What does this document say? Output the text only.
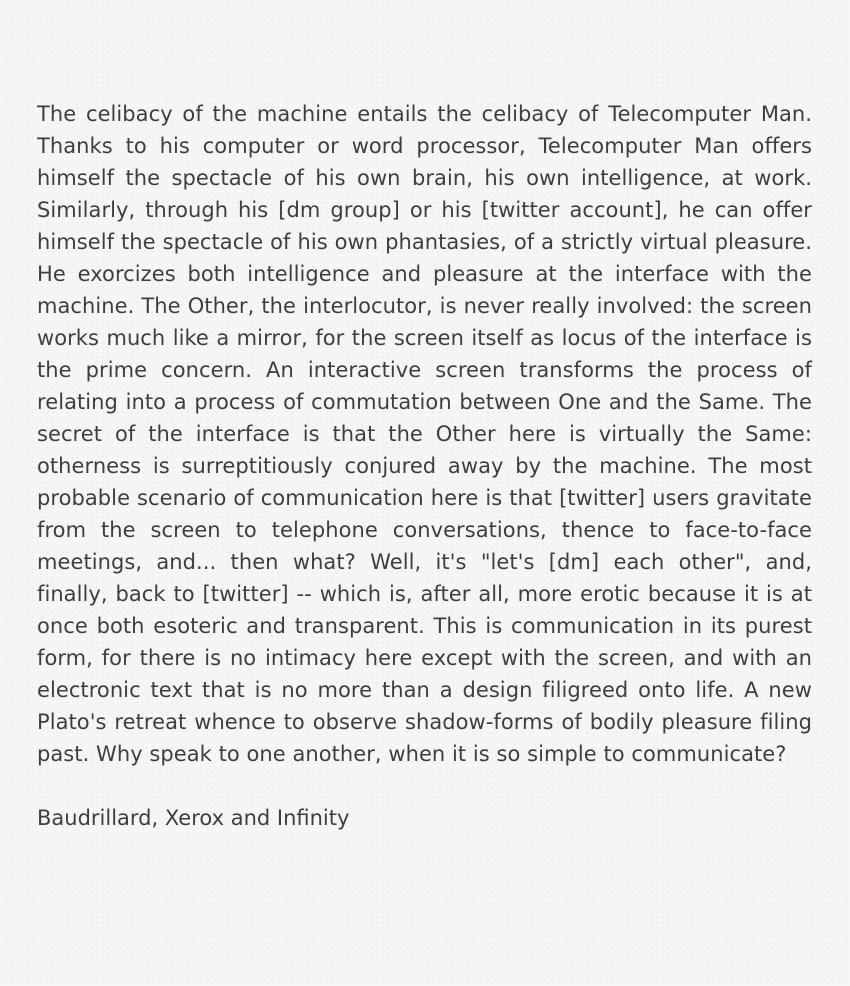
The celibacy of the machine entails the celibacy of Telecomputer Man. Thanks to his computer or word processor, Telecomputer Man offers himself the spectacle of his own brain, his own intelligence, at work. Similarly, through his [dm group] or his [twitter account], he can offer himself the spectacle of his own phantasies, of a strictly virtual pleasure. He exorcizes both intelligence and pleasure at the interface with the machine. The Other, the interlocutor, is never really involved: the screen works much like a mirror, for the screen itself as locus of the interface is the prime concern. An interactive screen transforms the process of relating into a process of commutation between One and the Same. The secret of the interface is that the Other here is virtually the Same: otherness is surreptitiously conjured away by the machine. The most probable scenario of communication here is that [twitter] users gravitate from the screen to telephone conversations, thence to face-to-face meetings, and... then what? Well, it's "let's [dm] each other", and, finally, back to [twitter] -- which is, after all, more erotic because it is at once both esoteric and transparent. This is communication in its purest form, for there is no intimacy here except with the screen, and with an electronic text that is no more than a design filigreed onto life. A new Plato's retreat whence to observe shadow-forms of bodily pleasure filing past. Why speak to one another, when it is so simple to communicate?

Baudrillard, Xerox and Infinity
